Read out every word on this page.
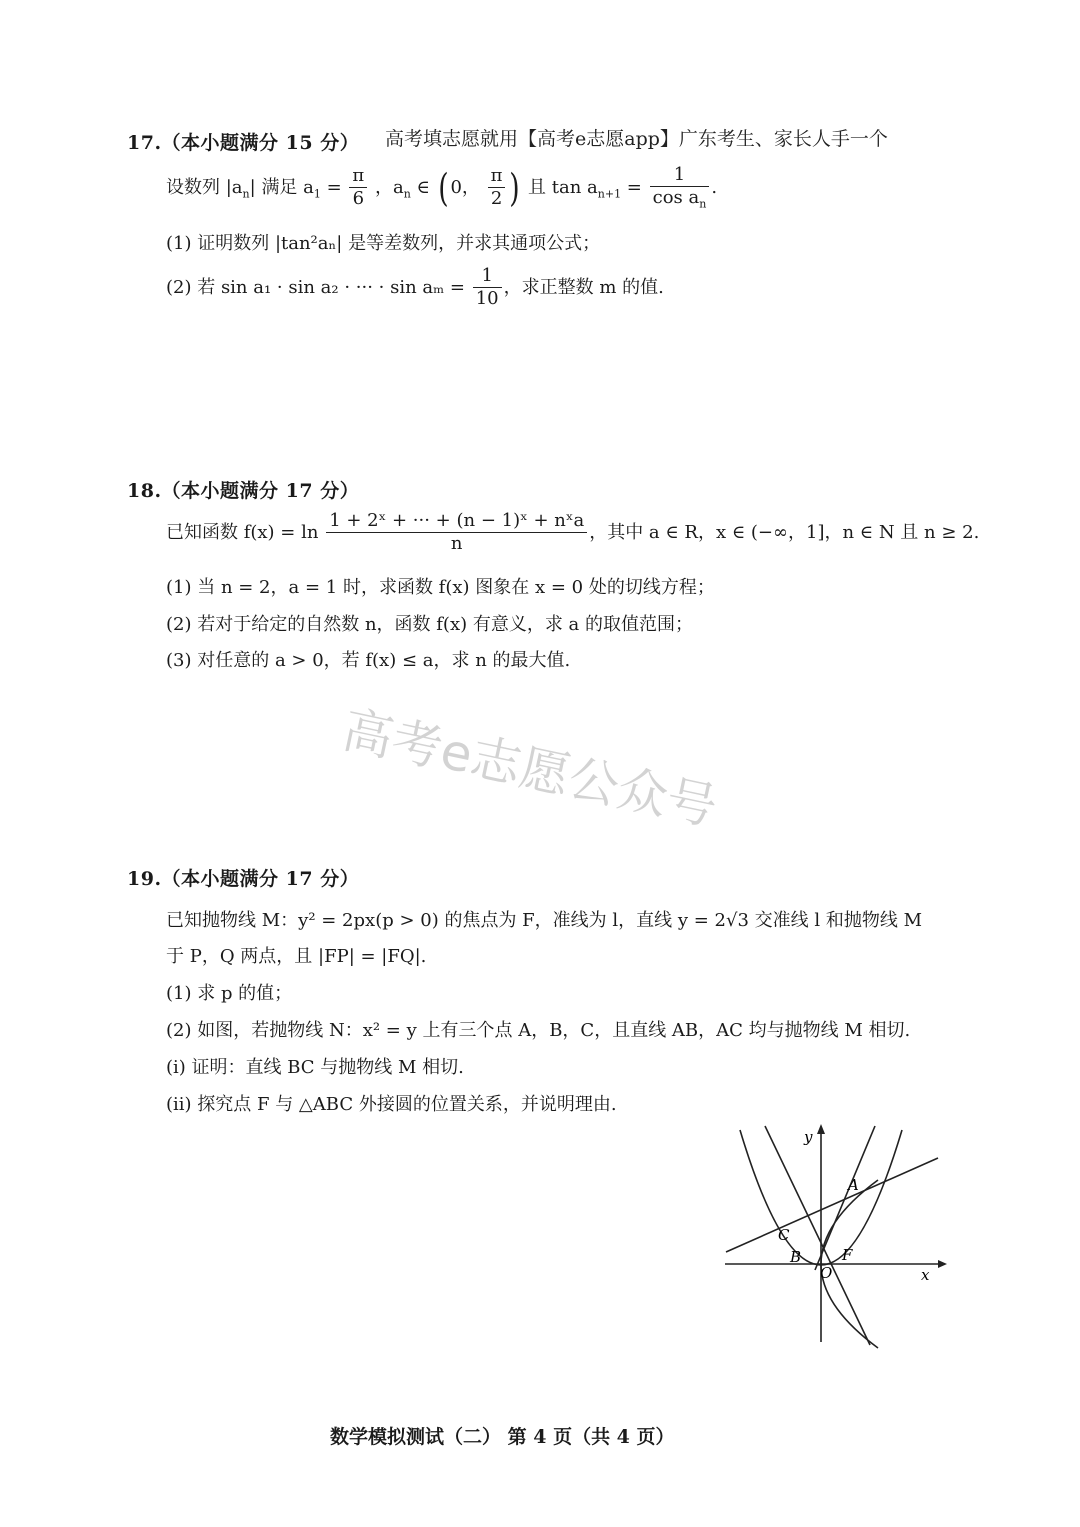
高考填志愿就用【高考e志愿app】广东考生、家长人手一个
17.（本小题满分 15 分）
设数列 $|a_n|$ 满足 $a_1 = \frac{\pi}{6}$ ，$a_n$ ∈ ( 0， $\frac{\pi}{2}$ ) 且 $\tan a_{n+1} = \frac{1}{\cos a_n}$ .
(1) 证明数列 |tan²aₙ| 是等差数列，并求其通项公式；
(2) 若 sin a₁ · sin a₂ · ··· · $\sin a_m = \frac{1}{10}$ ，求正整数 m 的值.
18.（本小题满分 17 分）
已知函数 $f(x) = \ln \frac{\text{1 + 2ˣ + ··· + (n − 1)ˣ + nˣa}}{n}$ ，其中 a ∈ R，x ∈ (−∞，1]，n ∈ N 且 n ≥ 2.
(1) 当 n = 2，a = 1 时，求函数 f(x) 图象在 x = 0 处的切线方程；
(2) 若对于给定的自然数 n，函数 f(x) 有意义，求 a 的取值范围；
(3) 对任意的 a > 0，若 f(x) ≤ a，求 n 的最大值.
高考e志愿公众号
19.（本小题满分 17 分）
已知抛物线 M：y² = 2px(p > 0) 的焦点为 F，准线为 l，直线 y = 2√3 交准线 l 和抛物线 M
于 P，Q 两点，且 |FP| = |FQ|.
(1) 求 p 的值；
(2) 如图，若抛物线 N：x² = y 上有三个点 A，B，C，且直线 AB，AC 均与抛物线 M 相切.
(i) 证明：直线 BC 与抛物线 M 相切.
(ii) 探究点 F 与 △ABC 外接圆的位置关系，并说明理由.
y
x
A
B
C
O
F
数学模拟测试（二） 第 4 页（共 4 页）
